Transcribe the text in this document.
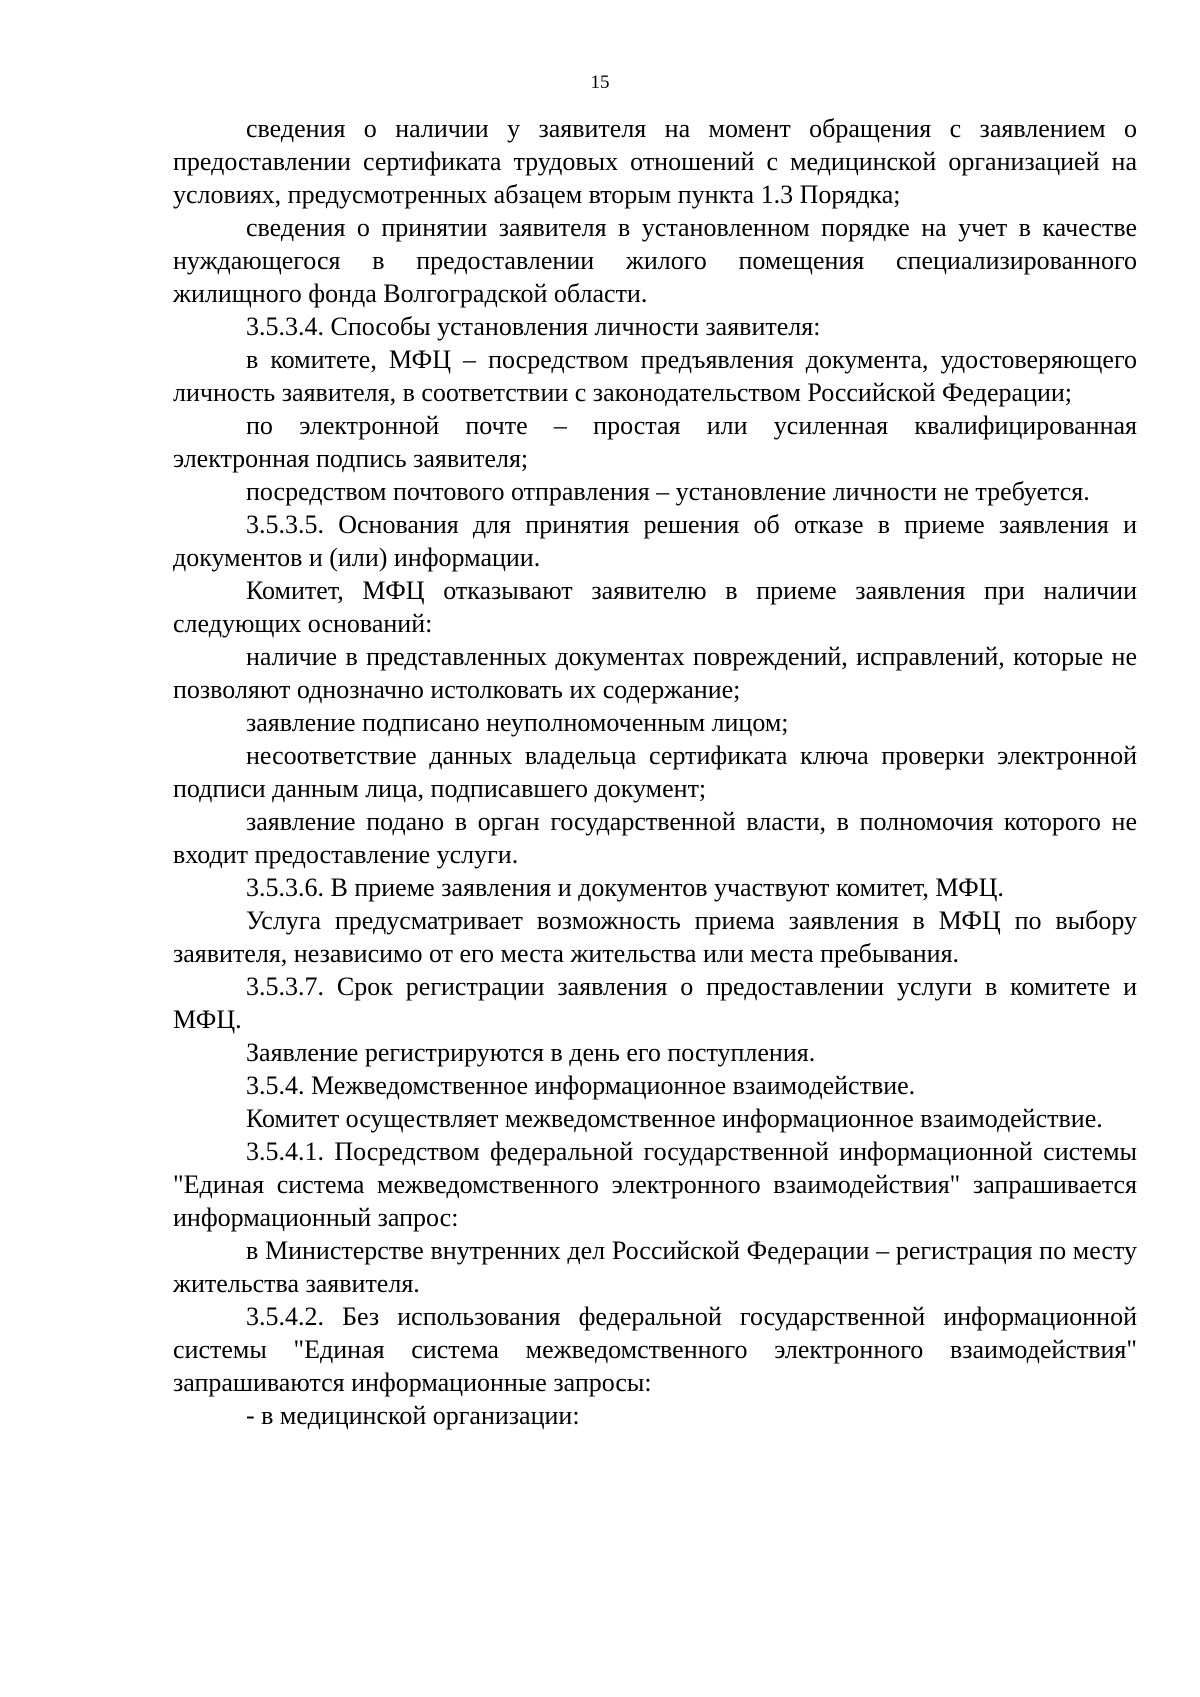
15

сведения о наличии у заявителя на момент обращения с заявлением о предоставлении сертификата трудовых отношений с медицинской организацией на условиях, предусмотренных абзацем вторым пункта 1.3 Порядка;

сведения о принятии заявителя в установленном порядке на учет в качестве нуждающегося в предоставлении жилого помещения специализированного жилищного фонда Волгоградской области.

3.5.3.4. Способы установления личности заявителя:

в комитете, МФЦ – посредством предъявления документа, удостоверяющего личность заявителя, в соответствии с законодательством Российской Федерации;

по электронной почте – простая или усиленная квалифицированная электронная подпись заявителя;

посредством почтового отправления – установление личности не требуется.

3.5.3.5. Основания для принятия решения об отказе в приеме заявления и документов и (или) информации.

Комитет, МФЦ отказывают заявителю в приеме заявления при наличии следующих оснований:

наличие в представленных документах повреждений, исправлений, которые не позволяют однозначно истолковать их содержание;

заявление подписано неуполномоченным лицом;

несоответствие данных владельца сертификата ключа проверки электронной подписи данным лица, подписавшего документ;

заявление подано в орган государственной власти, в полномочия которого не входит предоставление услуги.

3.5.3.6. В приеме заявления и документов участвуют комитет, МФЦ.

Услуга предусматривает возможность приема заявления в МФЦ по выбору заявителя, независимо от его места жительства или места пребывания.

3.5.3.7. Срок регистрации заявления о предоставлении услуги в комитете и МФЦ.

Заявление регистрируются в день его поступления.

3.5.4. Межведомственное информационное взаимодействие.

Комитет осуществляет межведомственное информационное взаимодействие.

3.5.4.1. Посредством федеральной государственной информационной системы "Единая система межведомственного электронного взаимодействия" запрашивается информационный запрос:

в Министерстве внутренних дел Российской Федерации – регистрация по месту жительства заявителя.

3.5.4.2. Без использования федеральной государственной информационной системы "Единая система межведомственного электронного взаимодействия" запрашиваются информационные запросы:

- в медицинской организации:
